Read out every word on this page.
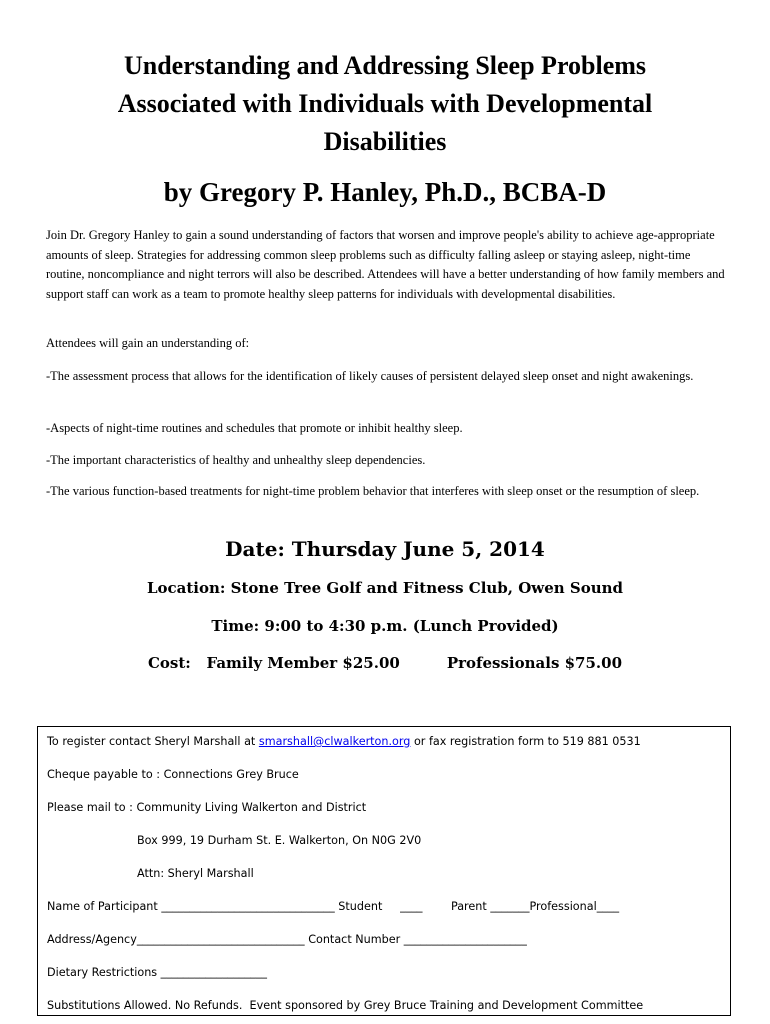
Understanding and Addressing Sleep Problems
Associated with Individuals with Developmental
Disabilities
by Gregory P. Hanley, Ph.D., BCBA-D

Join Dr. Gregory Hanley to gain a sound understanding of factors that worsen and improve people's ability to achieve age-appropriate amounts of sleep. Strategies for addressing common sleep problems such as difficulty falling asleep or staying asleep, night-time routine, noncompliance and night terrors will also be described. Attendees will have a better understanding of how family members and support staff can work as a team to promote healthy sleep patterns for individuals with developmental disabilities.

Attendees will gain an understanding of:

-The assessment process that allows for the identification of likely causes of persistent delayed sleep onset and night awakenings.

-Aspects of night-time routines and schedules that promote or inhibit healthy sleep.

-The important characteristics of healthy and unhealthy sleep dependencies.

-The various function-based treatments for night-time problem behavior that interferes with sleep onset or the resumption of sleep.

Date: Thursday June 5, 2014

Location: Stone Tree Golf and Fitness Club, Owen Sound

Time: 9:00 to 4:30 p.m. (Lunch Provided)

Cost: Family Member $25.00	Professionals $75.00

To register contact Sheryl Marshall at smarshall@clwalkerton.org or fax registration form to 519 881 0531

Cheque payable to : Connections Grey Bruce

Please mail to : Community Living Walkerton and District

Box 999, 19 Durham St. E. Walkerton, On N0G 2V0

Attn: Sheryl Marshall

Name of Participant _______________________________ Student     ____        Parent _______Professional____

Address/Agency______________________________ Contact Number ______________________

Dietary Restrictions ___________________

Substitutions Allowed. No Refunds.  Event sponsored by Grey Bruce Training and Development Committee
